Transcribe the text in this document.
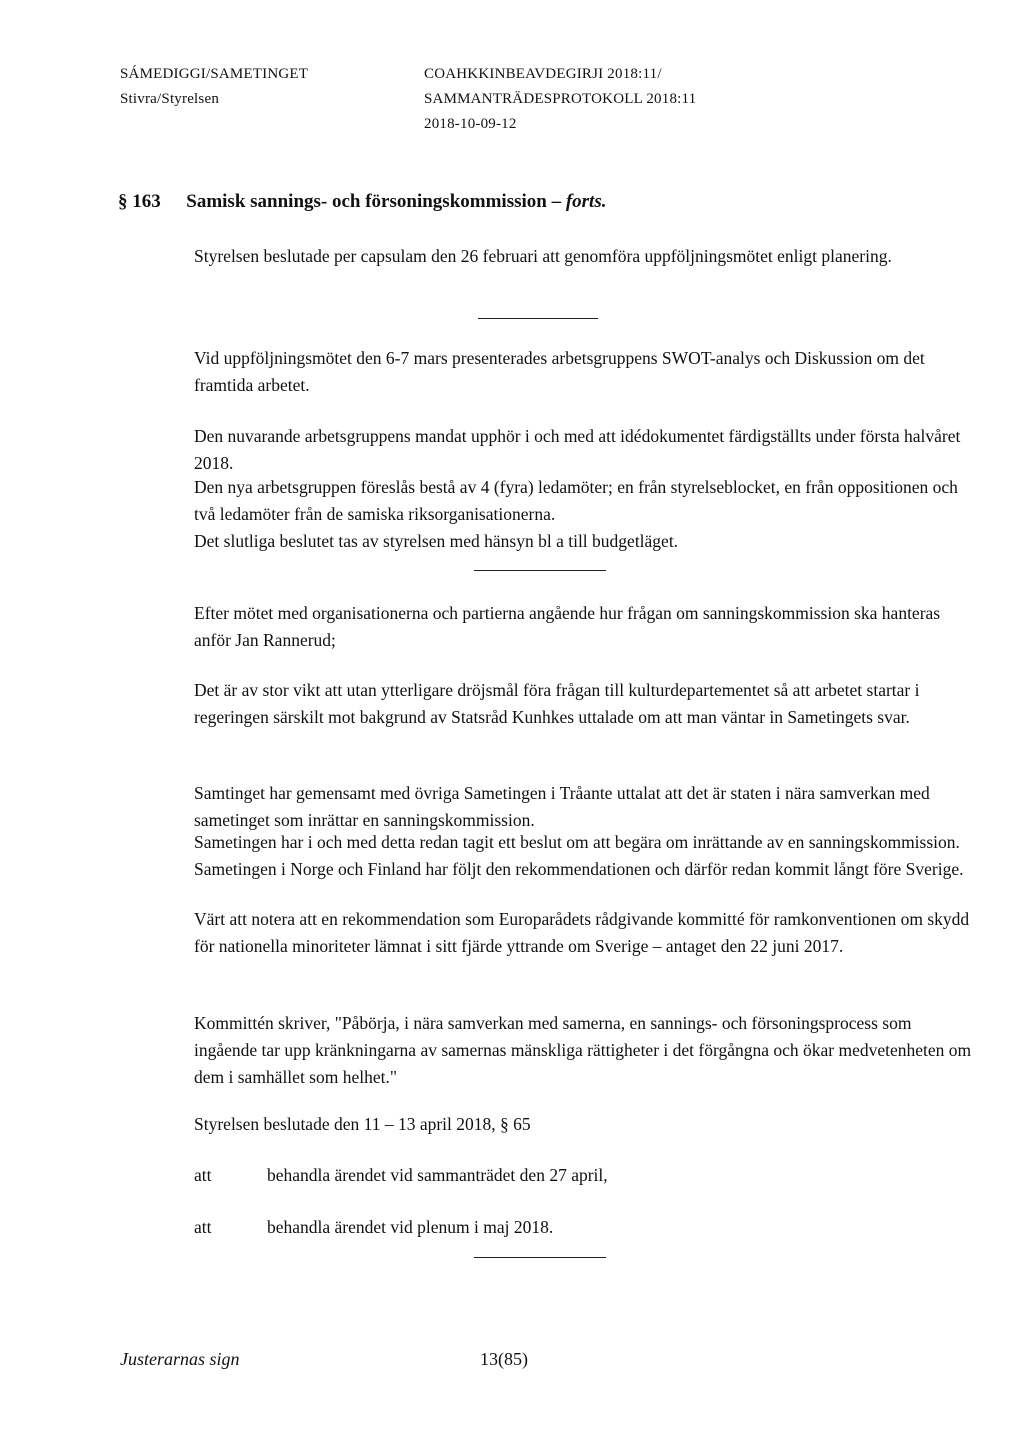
SÁMEDIGGI/SAMETINGET
Stivra/Styrelsen
COAHKKINBEAVDEGIRJI 2018:11/
SAMMANTRÄDESPROTOKOLL 2018:11
2018-10-09-12
§ 163 Samisk sannings- och försoningskommission – forts.
Styrelsen beslutade per capsulam den 26 februari att genomföra uppföljningsmötet enligt planering.
Vid uppföljningsmötet den 6-7 mars presenterades arbetsgruppens SWOT-analys och Diskussion om det framtida arbetet.
Den nuvarande arbetsgruppens mandat upphör i och med att idédokumentet färdigställts under första halvåret 2018.
Den nya arbetsgruppen föreslås bestå av 4 (fyra) ledamöter; en från styrelseblocket, en från oppositionen och två ledamöter från de samiska riksorganisationerna.
Det slutliga beslutet tas av styrelsen med hänsyn bl a till budgetläget.
Efter mötet med organisationerna och partierna angående hur frågan om sanningskommission ska hanteras anför Jan Rannerud;
Det är av stor vikt att utan ytterligare dröjsmål föra frågan till kulturdepartementet så att arbetet startar i regeringen särskilt mot bakgrund av Statsråd Kunhkes uttalade om att man väntar in Sametingets svar.
Samtinget har gemensamt med övriga Sametingen i Tråante uttalat att det är staten i nära samverkan med sametinget som inrättar en sanningskommission.
Sametingen har i och med detta redan tagit ett beslut om att begära om inrättande av en sanningskommission. Sametingen i Norge och Finland har följt den rekommendationen och därför redan kommit långt före Sverige.
Värt att notera att en rekommendation som Europarådets rådgivande kommitté för ramkonventionen om skydd för nationella minoriteter lämnat i sitt fjärde yttrande om Sverige – antaget den 22 juni 2017.
Kommittén skriver, "Påbörja, i nära samverkan med samerna, en sannings- och försoningsprocess som ingående tar upp kränkningarna av samernas mänskliga rättigheter i det förgångna och ökar medvetenheten om dem i samhället som helhet."
Styrelsen beslutade den 11 – 13 april 2018, § 65
att	behandla ärendet vid sammanträdet den 27 april,
att	behandla ärendet vid plenum i maj 2018.
Justerarnas sign	13(85)
